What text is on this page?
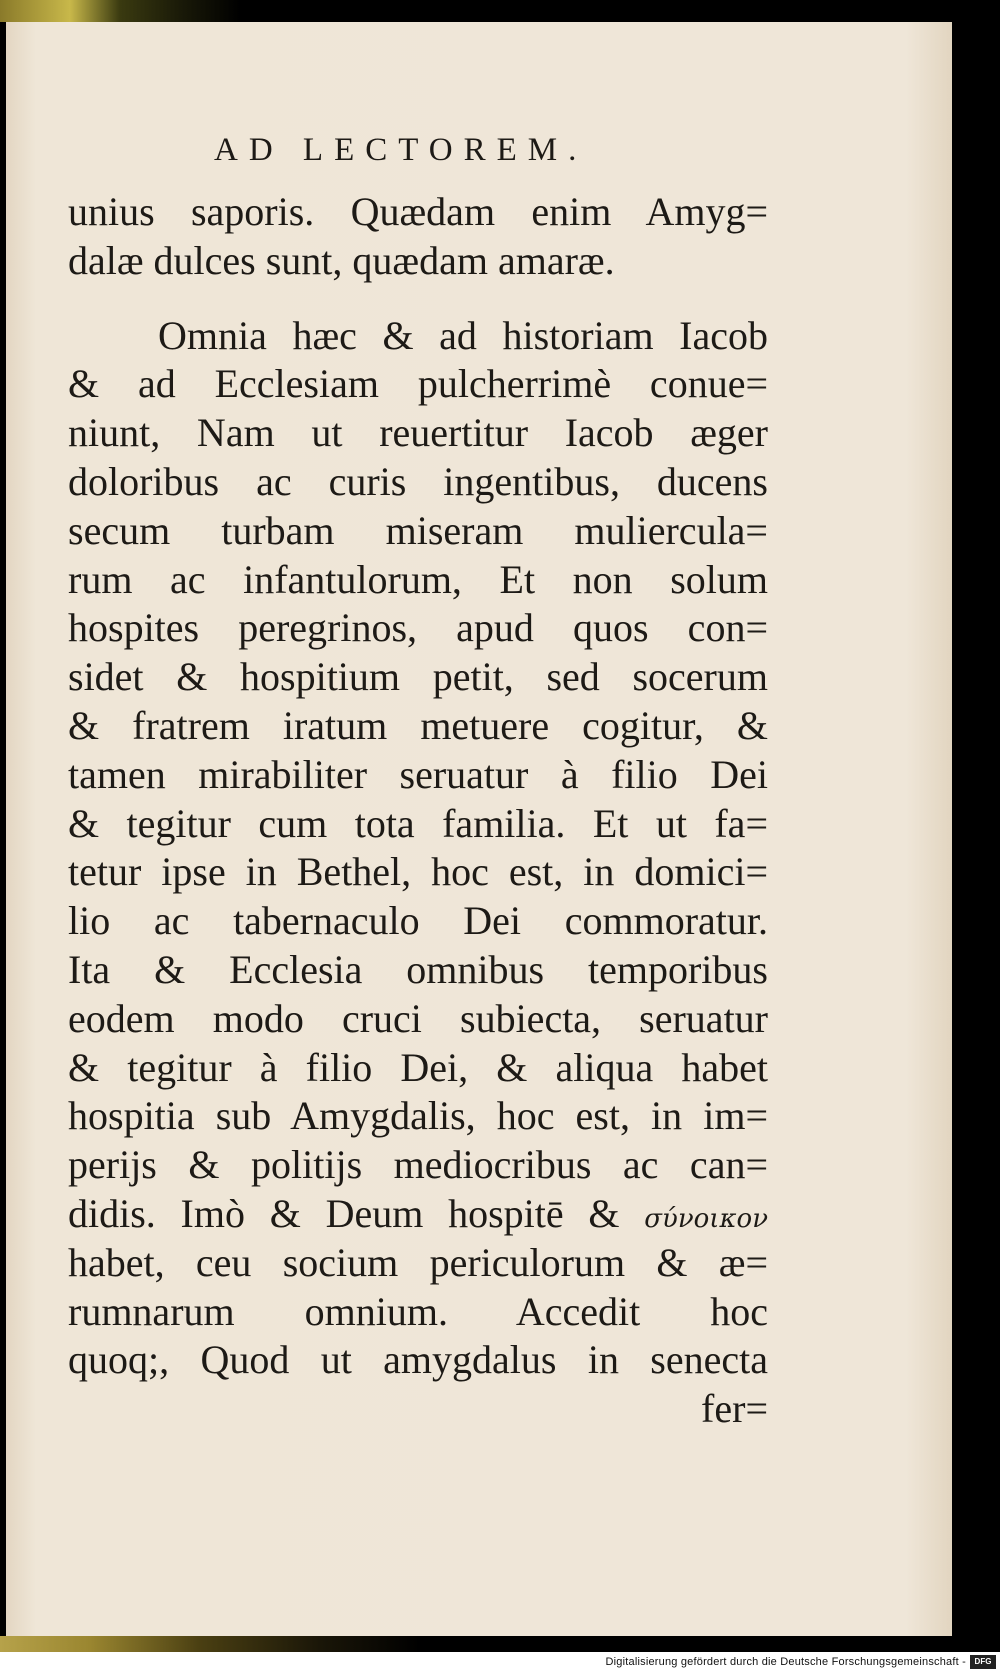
AD LECTOREM.
unius saporis. Quædam enim Amyg=
dalæ dulces sunt, quædam amaræ.
Omnia hæc & ad historiam Iacob
& ad Ecclesiam pulcherrimè conue=
niunt, Nam ut reuertitur Iacob æger
doloribus ac curis ingentibus, ducens
secum turbam miseram mulierculа=
rum ac infantulorum, Et non solum
hospites peregrinos, apud quos con=
sidet & hospitium petit, sed socerum
& fratrem iratum metuere cogitur, &
tamen mirabiliter seruatur à filio Dei
& tegitur cum tota familia. Et ut fa=
tetur ipse in Bethel, hoc est, in domici=
lio ac tabernaculo Dei commoratur.
Ita & Ecclesia omnibus temporibus
eodem modo cruci subiecta, seruatur
& tegitur à filio Dei, & aliqua habet
hospitia sub Amygdalis, hoc est, in im=
perijs & politijs mediocribus ac can=
didis. Imò & Deum hospitē & σύνοικον
habet, ceu socium periculorum & æ=
rumnarum omnium. Accedit hoc
quoq;, Quod ut amygdalus in senecta
fer=
Digitalisierung gefördert durch die Deutsche Forschungsgemeinschaft -	DFG
